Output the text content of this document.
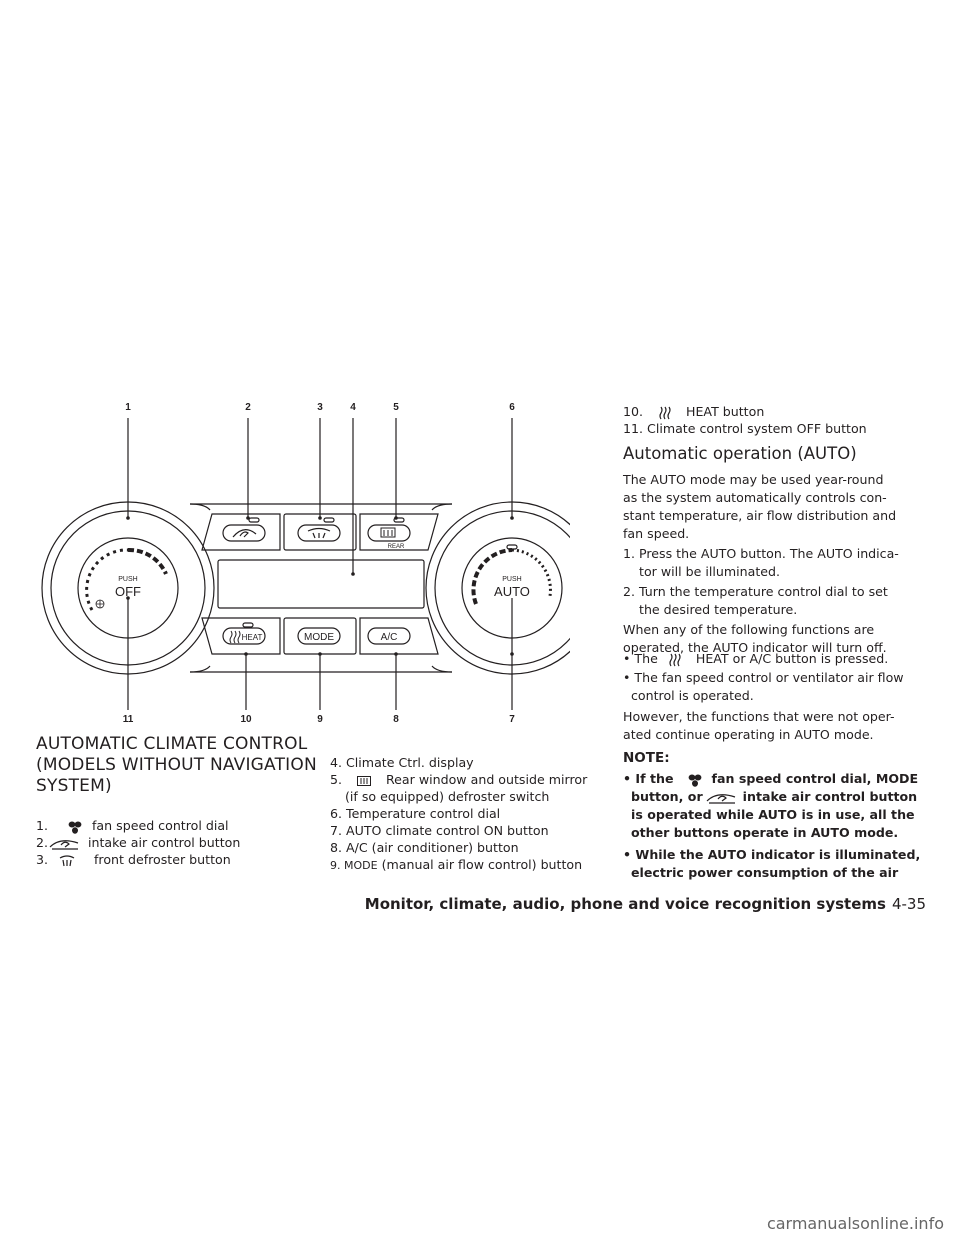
1	2	3	4	5	6
11	10	9	8	7
PUSH
OFF
PUSH
AUTO
REAR
HEAT	MODE	A/C
AUTOMATIC CLIMATE CONTROL
(MODELS WITHOUT NAVIGATION
SYSTEM)
1.	fan speed control dial
2.	intake air control button
3.	front defroster button
4. Climate Ctrl. display
5.	Rear window and outside mirror
(if so equipped) defroster switch
6. Temperature control dial
7. AUTO climate control ON button
8. A/C (air conditioner) button
9. MODE (manual air flow control) button
10.	HEAT button
11. Climate control system OFF button
Automatic operation (AUTO)
The AUTO mode may be used year-round
as the system automatically controls con-
stant temperature, air flow distribution and
fan speed.
1. Press the AUTO button. The AUTO indica-
tor will be illuminated.
2. Turn the temperature control dial to set
the desired temperature.
When any of the following functions are
operated, the AUTO indicator will turn off.
• The	HEAT or A/C button is pressed.
• The fan speed control or ventilator air flow
control is operated.
However, the functions that were not oper-
ated continue operating in AUTO mode.
NOTE:
• If the	fan speed control dial, MODE
button, or	intake air control button
is operated while AUTO is in use, all the
other buttons operate in AUTO mode.
• While the AUTO indicator is illuminated,
electric power consumption of the air
Monitor, climate, audio, phone and voice recognition systems 4-35
carmanualsonline.info
